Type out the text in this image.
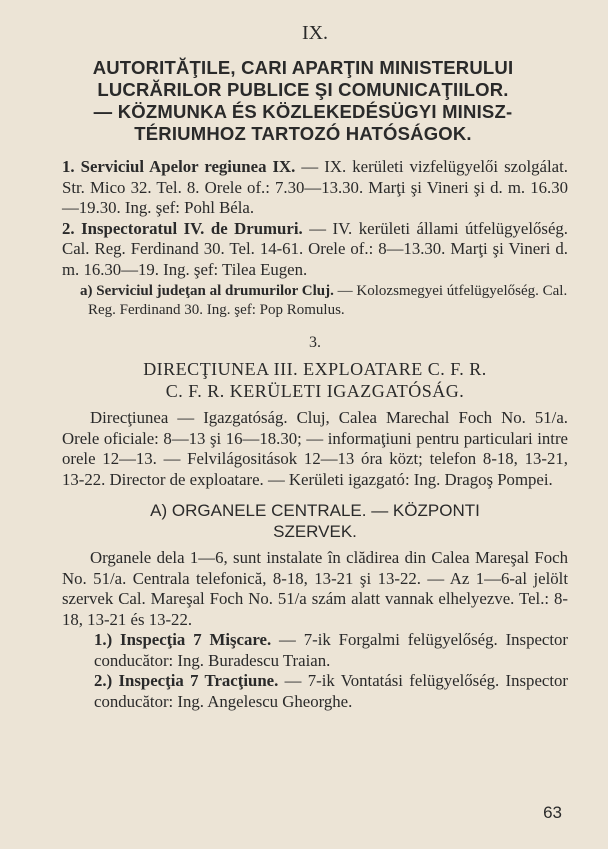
IX.
AUTORITĂŢILE, CARI APARŢIN MINISTERULUI
LUCRĂRILOR PUBLICE ŞI COMUNICAŢIILOR.
— KÖZMUNKA ÉS KÖZLEKEDÉSÜGYI MINISZ-
TÉRIUMHOZ TARTOZÓ HATÓSÁGOK.
1. Serviciul Apelor regiunea IX. — IX. kerületi vizfelügyelői szolgálat. Str. Mico 32. Tel. 8. Orele of.: 7.30—13.30. Marţi şi Vineri şi d. m. 16.30—19.30. Ing. şef: Pohl Béla.
2. Inspectoratul IV. de Drumuri. — IV. kerületi állami útfelügyelőség. Cal. Reg. Ferdinand 30. Tel. 14-61. Orele of.: 8—13.30. Marţi şi Vineri d. m. 16.30—19. Ing. şef: Tilea Eugen.
a) Serviciul judeţan al drumurilor Cluj. — Kolozsmegyei útfelügyelőség. Cal. Reg. Ferdinand 30. Ing. şef: Pop Romulus.
3.
DIRECŢIUNEA III. EXPLOATARE C. F. R.
C. F. R. KERÜLETI IGAZGATÓSÁG.

Direcţiunea — Igazgatóság. Cluj, Calea Marechal Foch No. 51/a. Orele oficiale: 8—13 şi 16—18.30; — informaţiuni pentru particulari intre orele 12—13. — Felvilágositások 12—13 óra közt; telefon 8-18, 13-21, 13-22. Director de exploatare. — Kerületi igazgató: Ing. Dragoş Pompei.

A) ORGANELE CENTRALE. — KÖZPONTI
SZERVEK.

Organele dela 1—6, sunt instalate în clădirea din Calea Mareşal Foch No. 51/a. Centrala telefonică, 8-18, 13-21 şi 13-22. — Az 1—6-al jelölt szervek Cal. Mareşal Foch No. 51/a szám alatt vannak elhelyezve. Tel.: 8-18, 13-21 és 13-22.

1.) Inspecţia 7 Mişcare. — 7-ik Forgalmi felügyelőség. Inspector conducător: Ing. Buradescu Traian.
2.) Inspecţia 7 Tracţiune. — 7-ik Vontatási felügyelőség. Inspector conducător: Ing. Angelescu Gheorghe.
63
